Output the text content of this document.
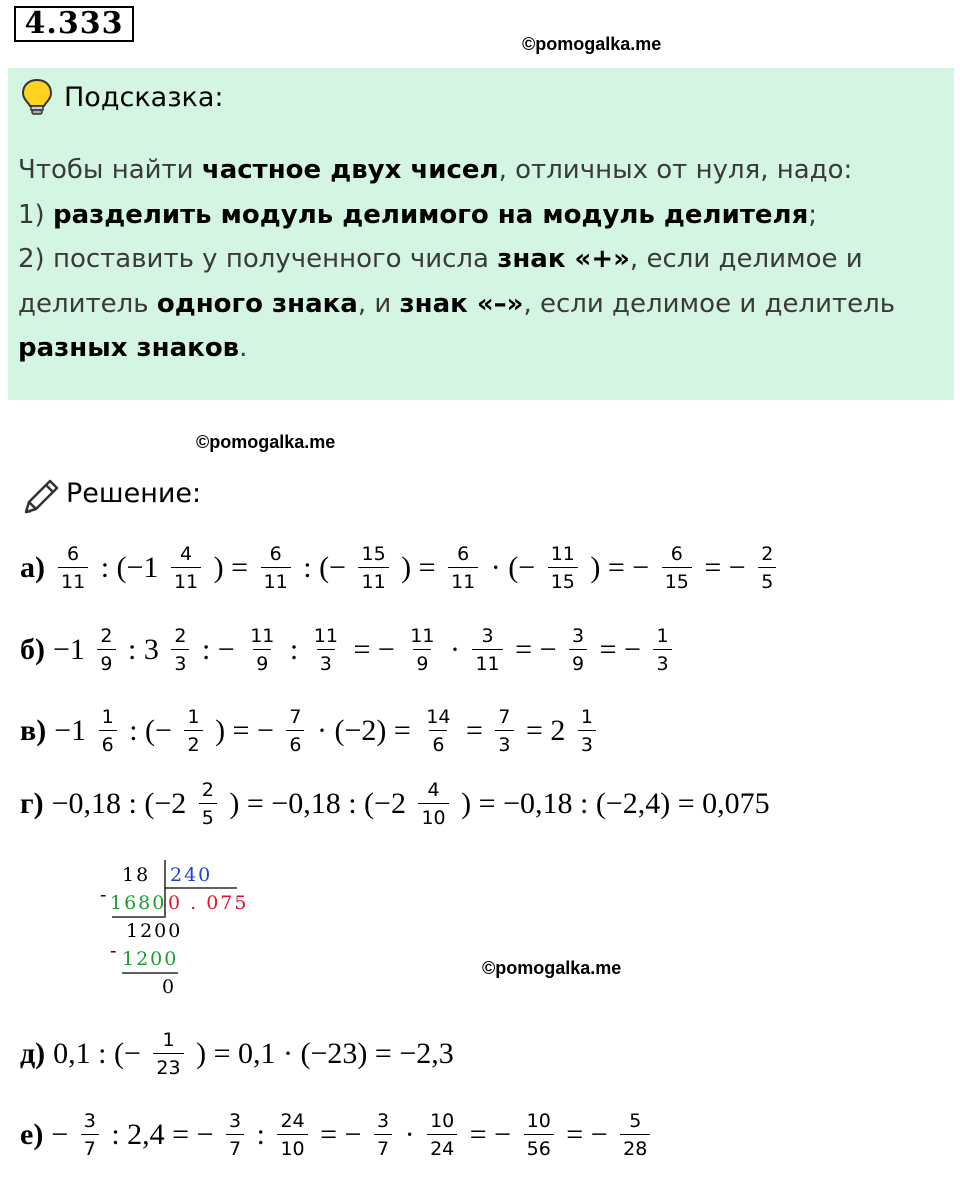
4.333
©pomogalka.me
Подсказка:
Чтобы найти частное двух чисел, отличных от нуля, надо:
1) разделить модуль делимого на модуль делителя;
2) поставить у полученного числа знак «+», если делимое и
делитель одного знака, и знак «–», если делимое и делитель
разных знаков.
©pomogalka.me
Решение:
$а) \frac{6}{11}$ : ($-1 \frac{4}{11}$ ) = $\frac{6}{11}$ : (− $\frac{15}{11}$ ) = $\frac{6}{11}$ · (− $\frac{11}{15}$ ) = − $\frac{6}{15}$ = − $\frac{2}{5}$
$б) -1 \frac{2}{9}$ : $3 \frac{2}{3}$ : − $\frac{11}{9}$ : $\frac{11}{3}$ = − $\frac{11}{9} \cdot \frac{3}{11}$ = − $\frac{3}{9}$ = − $\frac{1}{3}$
$в) -1 \frac{1}{6}$ : (− $\frac{1}{2}$ ) = − $\frac{7}{6} \cdot (-2) = \frac{14}{6} = \frac{7}{3} = 2 \frac{1}{3}$
г) −0,18 : ($-2 \frac{2}{5}$ ) = −0,18 : ($-2 \frac{4}{10}$ ) = −0,18 : (−2,4) = 0,075
д) 0,1 : (− $\frac{1}{23}$ ) = 0,1 · (−23) = −2,3
$е) - \frac{3}{7}$ : 2,4 = − $\frac{3}{7}$ : $\frac{24}{10}$ = − $\frac{3}{7} \cdot \frac{10}{24}$ = − $\frac{10}{56}$ = − $\frac{5}{28}$
18 240
- 1680 0 . 075
1200
- 1200
0
©pomogalka.me
